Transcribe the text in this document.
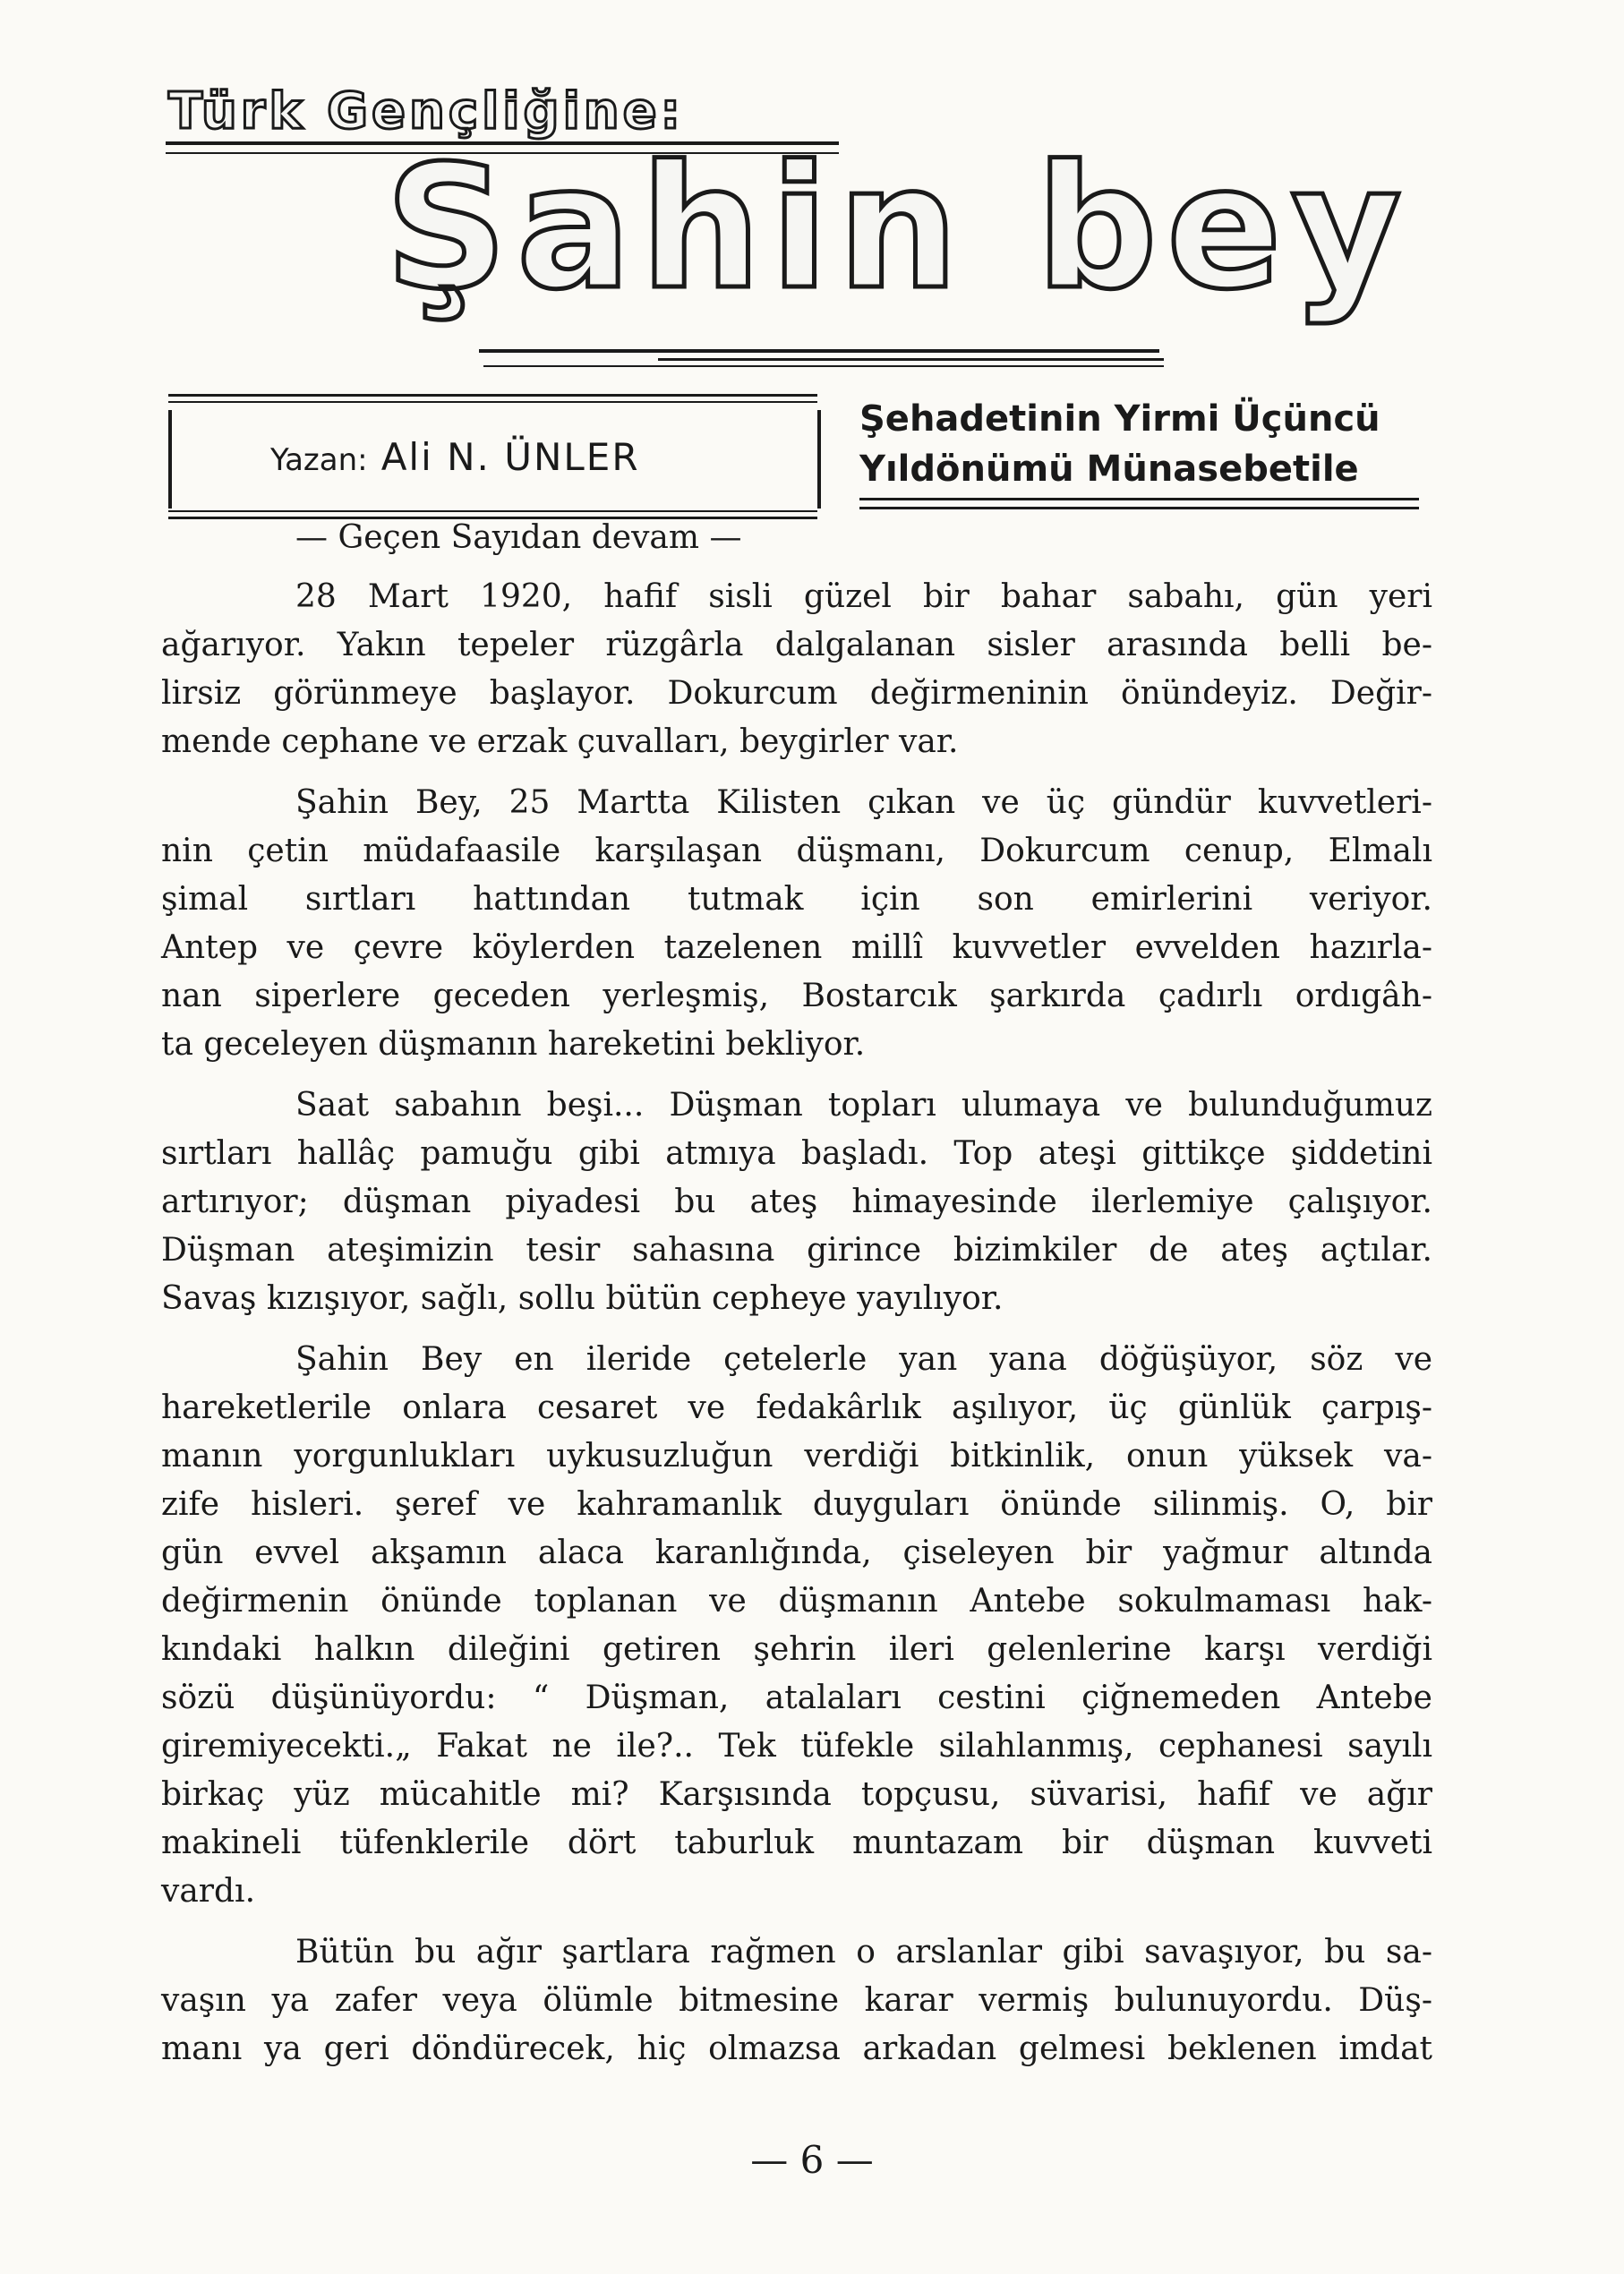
Türk Gençliğine:
Şahin bey
Yazan: Ali N. ÜNLER
Şehadetinin Yirmi Üçüncü
Yıldönümü Münasebetile
— Geçen Sayıdan devam —
28 Mart 1920, hafif sisli güzel bir bahar sabahı, gün yeri
ağarıyor. Yakın tepeler rüzgârla dalgalanan sisler arasında belli be-
lirsiz görünmeye başlayor. Dokurcum değirmeninin önündeyiz. Değir-
mende cephane ve erzak çuvalları, beygirler var.
Şahin Bey, 25 Martta Kilisten çıkan ve üç gündür kuvvetleri-
nin çetin müdafaasile karşılaşan düşmanı, Dokurcum cenup, Elmalı
şimal sırtları hattından tutmak için son emirlerini veriyor.
Antep ve çevre köylerden tazelenen millî kuvvetler evvelden hazırla-
nan siperlere geceden yerleşmiş, Bostarcık şarkırda çadırlı ordıgâh-
ta geceleyen düşmanın hareketini bekliyor.
Saat sabahın beşi... Düşman topları ulumaya ve bulunduğumuz
sırtları hallâç pamuğu gibi atmıya başladı. Top ateşi gittikçe şiddetini
artırıyor; düşman piyadesi bu ateş himayesinde ilerlemiye çalışıyor.
Düşman ateşimizin tesir sahasına girince bizimkiler de ateş açtılar.
Savaş kızışıyor, sağlı, sollu bütün cepheye yayılıyor.
Şahin Bey en ileride çetelerle yan yana döğüşüyor, söz ve
hareketlerile onlara cesaret ve fedakârlık aşılıyor, üç günlük çarpış-
manın yorgunlukları uykusuzluğun verdiği bitkinlik, onun yüksek va-
zife hisleri. şeref ve kahramanlık duyguları önünde silinmiş. O, bir
gün evvel akşamın alaca karanlığında, çiseleyen bir yağmur altında
değirmenin önünde toplanan ve düşmanın Antebe sokulmaması hak-
kındaki halkın dileğini getiren şehrin ileri gelenlerine karşı verdiği
sözü düşünüyordu: “ Düşman, atalaları cestini çiğnemeden Antebe
giremiyecekti.„ Fakat ne ile?.. Tek tüfekle silahlanmış, cephanesi sayılı
birkaç yüz mücahitle mi? Karşısında topçusu, süvarisi, hafif ve ağır
makineli tüfenklerile dört taburluk muntazam bir düşman kuvveti
vardı.
Bütün bu ağır şartlara rağmen o arslanlar gibi savaşıyor, bu sa-
vaşın ya zafer veya ölümle bitmesine karar vermiş bulunuyordu. Düş-
manı ya geri döndürecek, hiç olmazsa arkadan gelmesi beklenen imdat
— 6 —
